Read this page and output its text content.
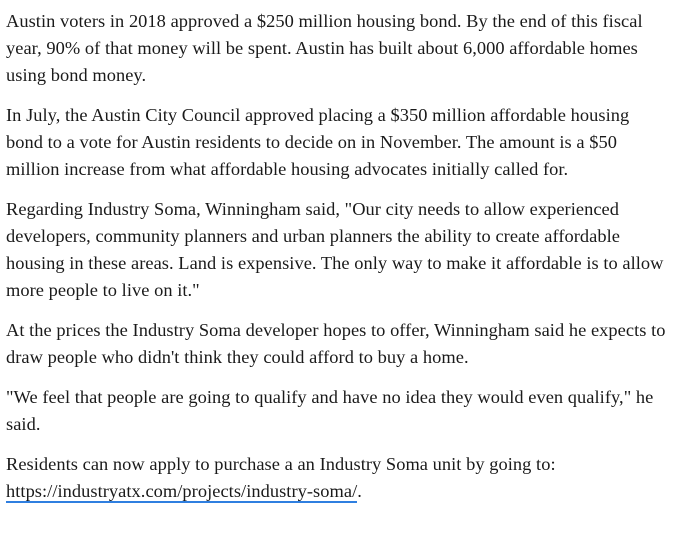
Austin voters in 2018 approved a $250 million housing bond. By the end of this fiscal year, 90% of that money will be spent. Austin has built about 6,000 affordable homes using bond money.

In July, the Austin City Council approved placing a $350 million affordable housing bond to a vote for Austin residents to decide on in November. The amount is a $50 million increase from what affordable housing advocates initially called for.

Regarding Industry Soma, Winningham said, "Our city needs to allow experienced developers, community planners and urban planners the ability to create affordable housing in these areas. Land is expensive. The only way to make it affordable is to allow more people to live on it."

At the prices the Industry Soma developer hopes to offer, Winningham said he expects to draw people who didn't think they could afford to buy a home.

"We feel that people are going to qualify and have no idea they would even qualify," he said.

Residents can now apply to purchase a an Industry Soma unit by going to: https://industryatx.com/projects/industry-soma/.
